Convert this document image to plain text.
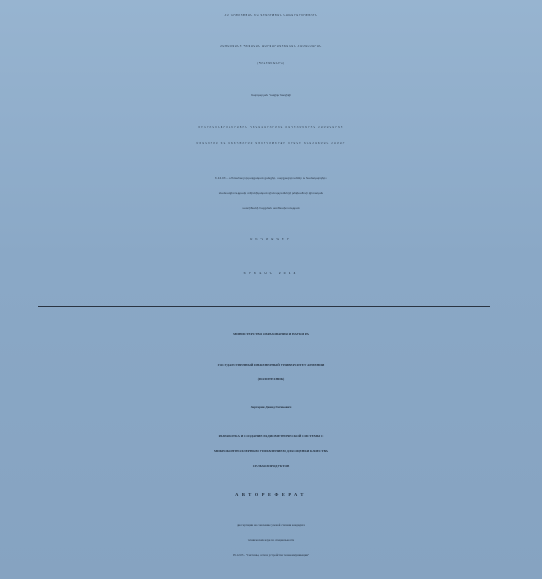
ՀՀ ԿՐԹՈՒԹՅԱՆ ԵՎ ԳԻՏՈՒԹՅԱՆ ՆԱԽԱՐԱՐՈՒԹՅՈՒՆ
ՀԱՅԱՍՏԱՆԻ ՊԵՏԱԿԱՆ ՃԱՐՏԱՐԱԳԻՏԱԿԱՆ ՀԱՄԱԼՍԱՐԱՆ
(ՊՈԼԻՏԵԽՆԻԿ)
Զարգարյան Դավիթ Գագիկի
ՄԻԿՐՈԿՈՆՏՐՈԼԵՐԱՅԻՆ ՂԵԿԱՎԱՐՈՒՄՈՎ ՌԱԴԻՈՄԵՏՐԻԿ ՀԱՄԱԿԱՐԳԻ
ՄՇԱԿՈՒՄԸ ԵՎ ՍՏԵՂԾՈՒՄԸ ԳՅՈՒՂՄԹԵՐՔԻ ՈՐԱԿԻ ԳՆԱՀԱՏՄԱՆ ՀԱՄԱՐ
Ե.12.03 – «Հեռահաղորդակցական ցանցեր, սարքավորումներ և համակարգեր»
մասնագիտությամբ տեխնիկական գիտությունների թեկնածուի գիտական
աստիճանի հայցման ատենախոսության
ՍԵՂՄԱԳԻՐ
ԵՐԵՎԱՆ 2014
МИНИСТЕРСТВО ОБРАЗОВАНИЯ И НАУКИ РА
ГОСУДАРСТВЕННЫЙ ИНЖЕНЕРНЫЙ УНИВЕРСИТЕТ АРМЕНИИ
(ПОЛИТЕХНИК)
Заргарян Давид Гагикович
РАЗРАБОТКА И СОЗДАНИЕ РАДИОМЕТРИЧЕСКОЙ СИСТЕМЫ С
МИКРОКОНТРОЛЛЕРНЫМ УПРАВЛЕНИЕМ ДЛЯ ОЦЕНКИ КАЧЕСТВА
СЕЛЬХОЗПРОДУКТОВ
АВТОРЕФЕРАТ
диссертации на соискание ученой степени кандидата
технических наук по специальности
05.12.03 - "Системы, сети и устройства телекоммуникации"
